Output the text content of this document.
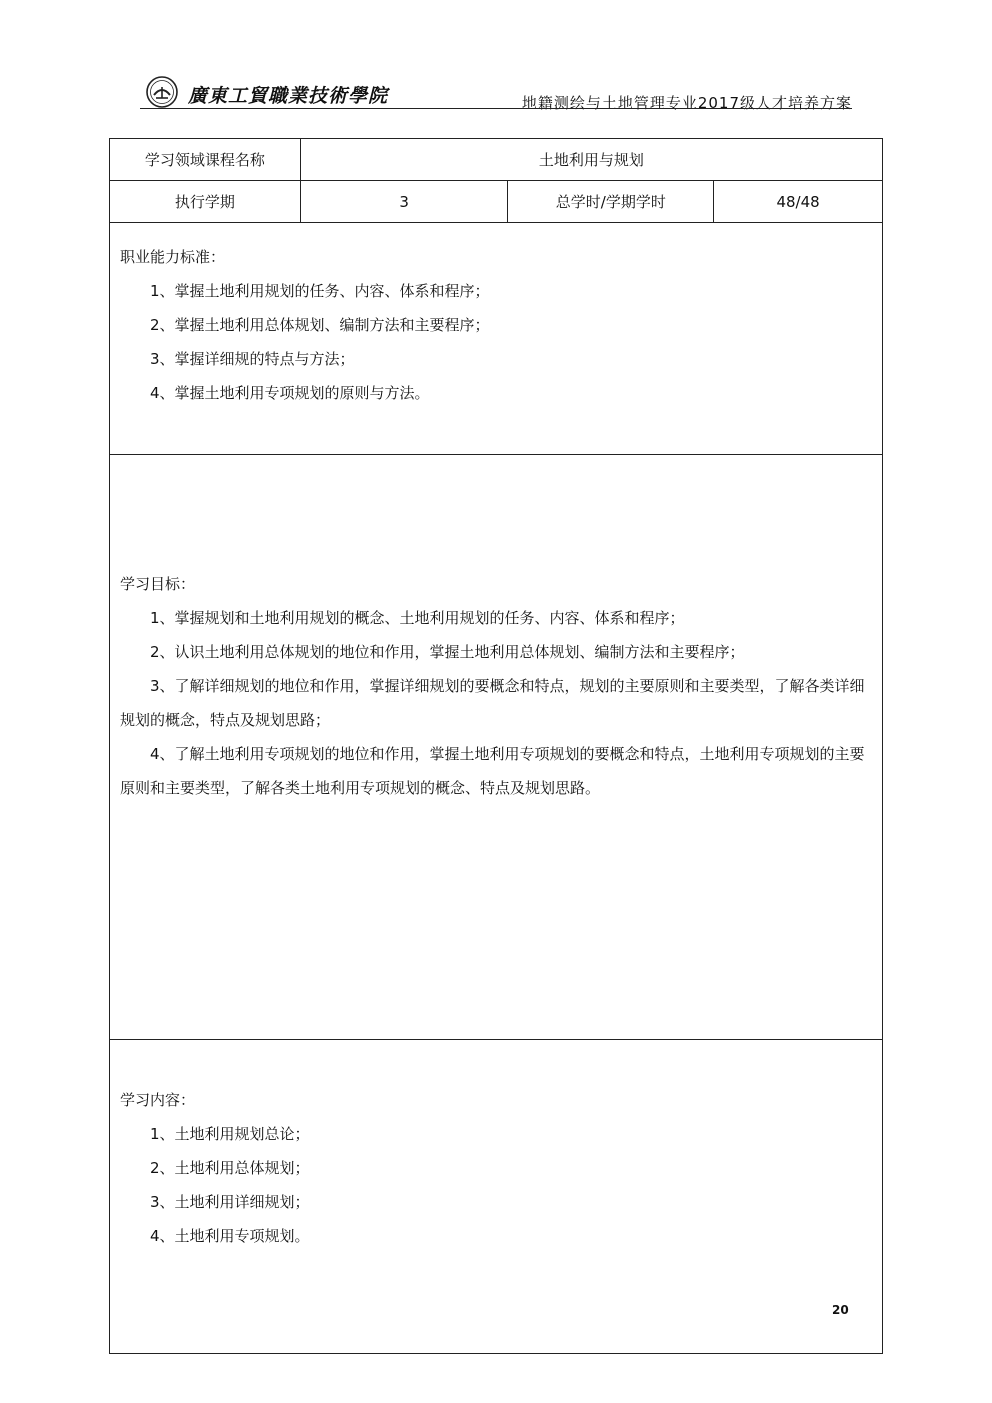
廣東工貿職業技術學院	地籍测绘与土地管理专业2017级人才培养方案
学习领域课程名称	土地利用与规划		
执行学期	3	总学时/学期学时	48/48

职业能力标准：
1、掌握土地利用规划的任务、内容、体系和程序；
2、掌握土地利用总体规划、编制方法和主要程序；
3、掌握详细规的特点与方法；
4、掌握土地利用专项规划的原则与方法。			

学习目标：
1、掌握规划和土地利用规划的概念、土地利用规划的任务、内容、体系和程序；
2、认识土地利用总体规划的地位和作用，掌握土地利用总体规划、编制方法和主要程序；
3、了解详细规划的地位和作用，掌握详细规划的要概念和特点，规划的主要原则和主要类型，了解各类详细规划的概念，特点及规划思路；
4、了解土地利用专项规划的地位和作用，掌握土地利用专项规划的要概念和特点，土地利用专项规划的主要原则和主要类型，了解各类土地利用专项规划的概念、特点及规划思路。			

学习内容：
1、土地利用规划总论；
2、土地利用总体规划；
3、土地利用详细规划；
4、土地利用专项规划。			
20
